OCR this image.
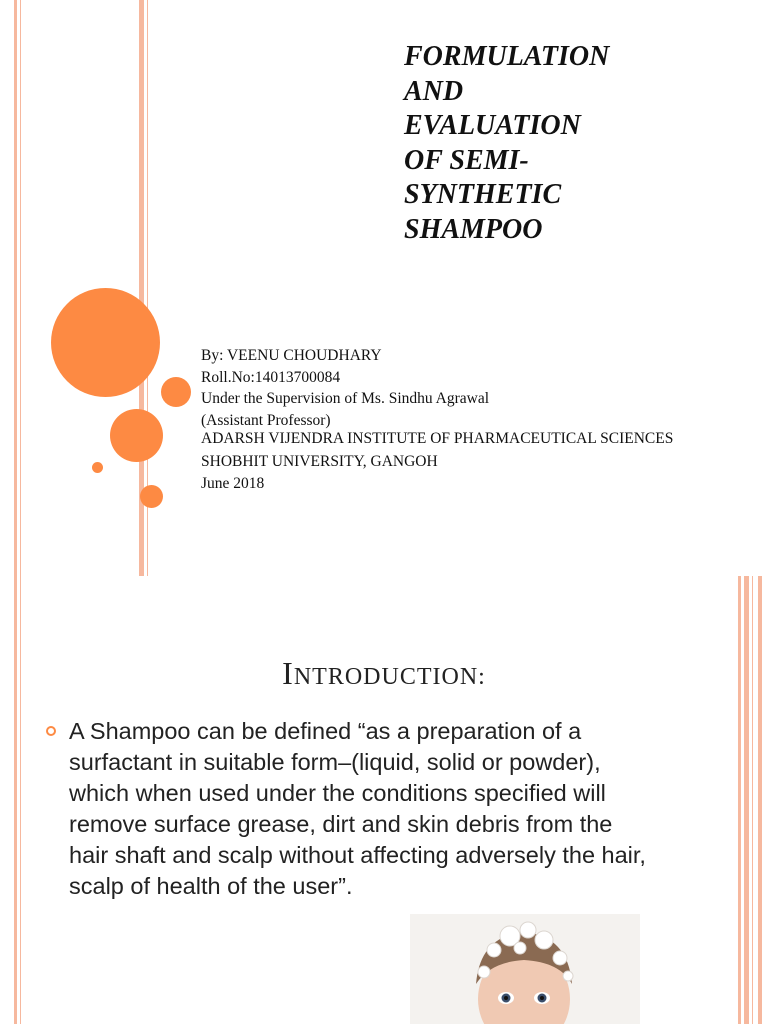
FORMULATION
AND
EVALUATION
OF SEMI-
SYNTHETIC
SHAMPOO
By: VEENU CHOUDHARY
Roll.No:14013700084
Under the Supervision of Ms. Sindhu Agrawal
(Assistant Professor)
ADARSH VIJENDRA INSTITUTE OF PHARMACEUTICAL SCIENCES
SHOBHIT UNIVERSITY, GANGOH
June 2018
INTRODUCTION:

A Shampoo can be defined “as a preparation of a surfactant in suitable form–(liquid, solid or powder), which when used under the conditions specified will remove surface grease, dirt and skin debris from the hair shaft and scalp without affecting adversely the hair, scalp of health of the user”.
